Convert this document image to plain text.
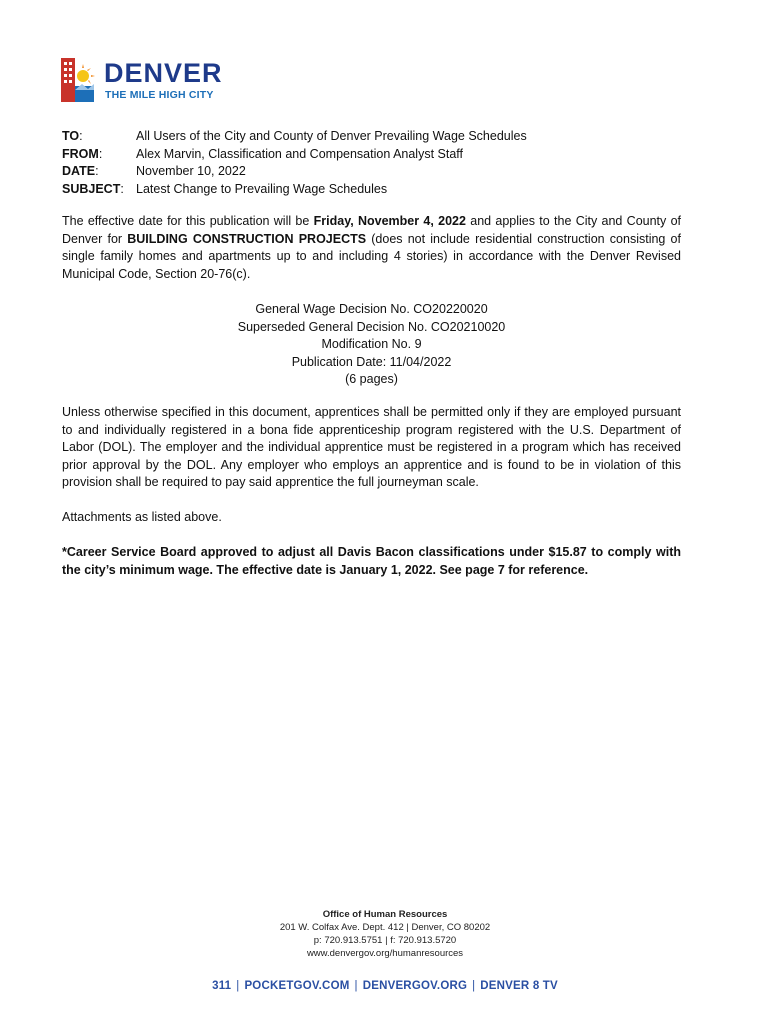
DENVER
THE MILE HIGH CITY
TO:	All Users of the City and County of Denver Prevailing Wage Schedules
FROM:	Alex Marvin, Classification and Compensation Analyst Staff
DATE:	November 10, 2022
SUBJECT: Latest Change to Prevailing Wage Schedules
The effective date for this publication will be Friday, November 4, 2022 and applies to the City and County of Denver for BUILDING CONSTRUCTION PROJECTS (does not include residential construction consisting of single family homes and apartments up to and including 4 stories) in accordance with the Denver Revised Municipal Code, Section 20-76(c).
General Wage Decision No. CO20220020
Superseded General Decision No. CO20210020
Modification No. 9
Publication Date: 11/04/2022
(6 pages)
Unless otherwise specified in this document, apprentices shall be permitted only if they are employed pursuant to and individually registered in a bona fide apprenticeship program registered with the U.S. Department of Labor (DOL). The employer and the individual apprentice must be registered in a program which has received prior approval by the DOL. Any employer who employs an apprentice and is found to be in violation of this provision shall be required to pay said apprentice the full journeyman scale.
Attachments as listed above.
*Career Service Board approved to adjust all Davis Bacon classifications under $15.87 to comply with the city’s minimum wage. The effective date is January 1, 2022. See page 7 for reference.
Office of Human Resources
201 W. Colfax Ave. Dept. 412 | Denver, CO 80202
p: 720.913.5751 | f: 720.913.5720
www.denvergov.org/humanresources
311 | POCKETGOV.COM | DENVERGOV.ORG | DENVER 8 TV
